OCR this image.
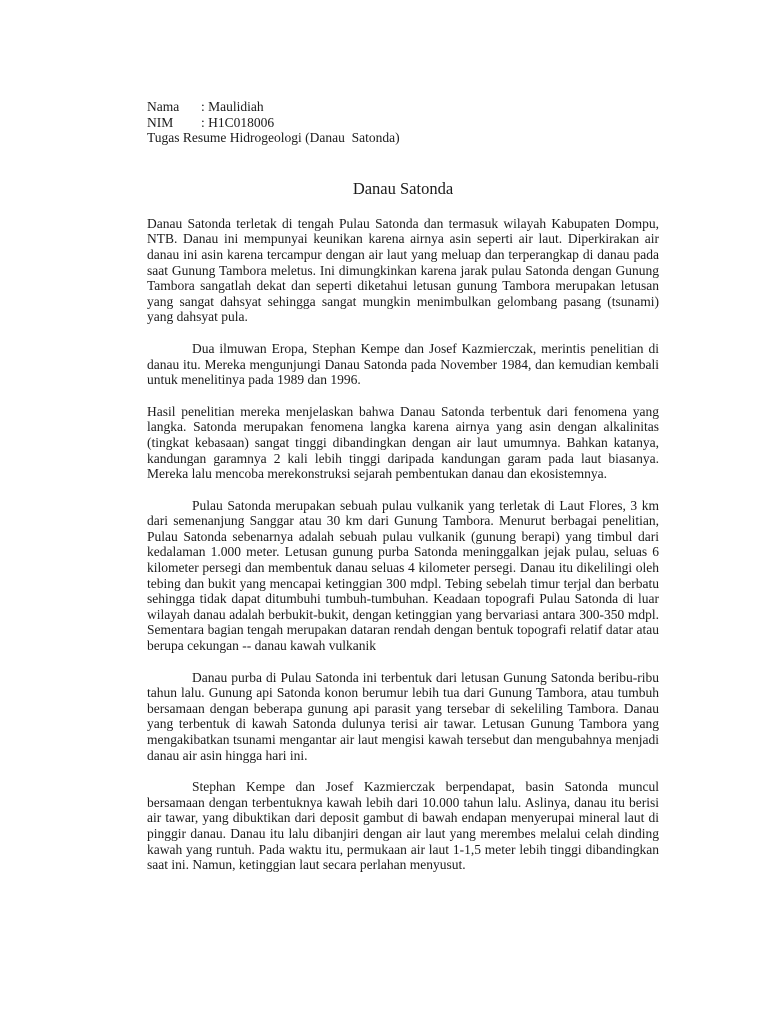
Nama	: Maulidiah

NIM	: H1C018006

Tugas Resume Hidrogeologi (Danau  Satonda)

Danau Satonda

Danau Satonda terletak di tengah Pulau Satonda dan termasuk wilayah Kabupaten Dompu, NTB. Danau ini mempunyai keunikan karena airnya asin seperti air laut. Diperkirakan air danau ini asin karena tercampur dengan air laut yang meluap dan terperangkap di danau pada saat Gunung Tambora meletus. Ini dimungkinkan karena jarak pulau Satonda dengan Gunung Tambora sangatlah dekat dan seperti diketahui letusan gunung Tambora merupakan letusan yang sangat dahsyat sehingga sangat mungkin menimbulkan gelombang pasang (tsunami) yang dahsyat pula.

Dua ilmuwan Eropa, Stephan Kempe dan Josef Kazmierczak, merintis penelitian di danau itu. Mereka mengunjungi Danau Satonda pada November 1984, dan kemudian kembali untuk menelitinya pada 1989 dan 1996.

Hasil penelitian mereka menjelaskan bahwa Danau Satonda terbentuk dari fenomena yang langka. Satonda merupakan fenomena langka karena airnya yang asin dengan alkalinitas (tingkat kebasaan) sangat tinggi dibandingkan dengan air laut umumnya. Bahkan katanya, kandungan garamnya 2 kali lebih tinggi daripada kandungan garam pada laut biasanya. Mereka lalu mencoba merekonstruksi sejarah pembentukan danau dan ekosistemnya.

Pulau Satonda merupakan sebuah pulau vulkanik yang terletak di Laut Flores, 3 km dari semenanjung Sanggar atau 30 km dari Gunung Tambora. Menurut berbagai penelitian, Pulau Satonda sebenarnya adalah sebuah pulau vulkanik (gunung berapi) yang timbul dari kedalaman 1.000 meter. Letusan gunung purba Satonda meninggalkan jejak pulau, seluas 6 kilometer persegi dan membentuk danau seluas 4 kilometer persegi. Danau itu dikelilingi oleh tebing dan bukit yang mencapai ketinggian 300 mdpl. Tebing sebelah timur terjal dan berbatu sehingga tidak dapat ditumbuhi tumbuh-tumbuhan. Keadaan topografi Pulau Satonda di luar wilayah danau adalah berbukit-bukit, dengan ketinggian yang bervariasi antara 300-350 mdpl. Sementara bagian tengah merupakan dataran rendah dengan bentuk topografi relatif datar atau berupa cekungan -- danau kawah vulkanik

Danau purba di Pulau Satonda ini terbentuk dari letusan Gunung Satonda beribu-ribu tahun lalu. Gunung api Satonda konon berumur lebih tua dari Gunung Tambora, atau tumbuh bersamaan dengan beberapa gunung api parasit yang tersebar di sekeliling Tambora. Danau yang terbentuk di kawah Satonda dulunya terisi air tawar. Letusan Gunung Tambora yang mengakibatkan tsunami mengantar air laut mengisi kawah tersebut dan mengubahnya menjadi danau air asin hingga hari ini.

Stephan Kempe dan Josef Kazmierczak berpendapat, basin Satonda muncul bersamaan dengan terbentuknya kawah lebih dari 10.000 tahun lalu. Aslinya, danau itu berisi air tawar, yang dibuktikan dari deposit gambut di bawah endapan menyerupai mineral laut di pinggir danau. Danau itu lalu dibanjiri dengan air laut yang merembes melalui celah dinding kawah yang runtuh. Pada waktu itu, permukaan air laut 1-1,5 meter lebih tinggi dibandingkan saat ini. Namun, ketinggian laut secara perlahan menyusut.
